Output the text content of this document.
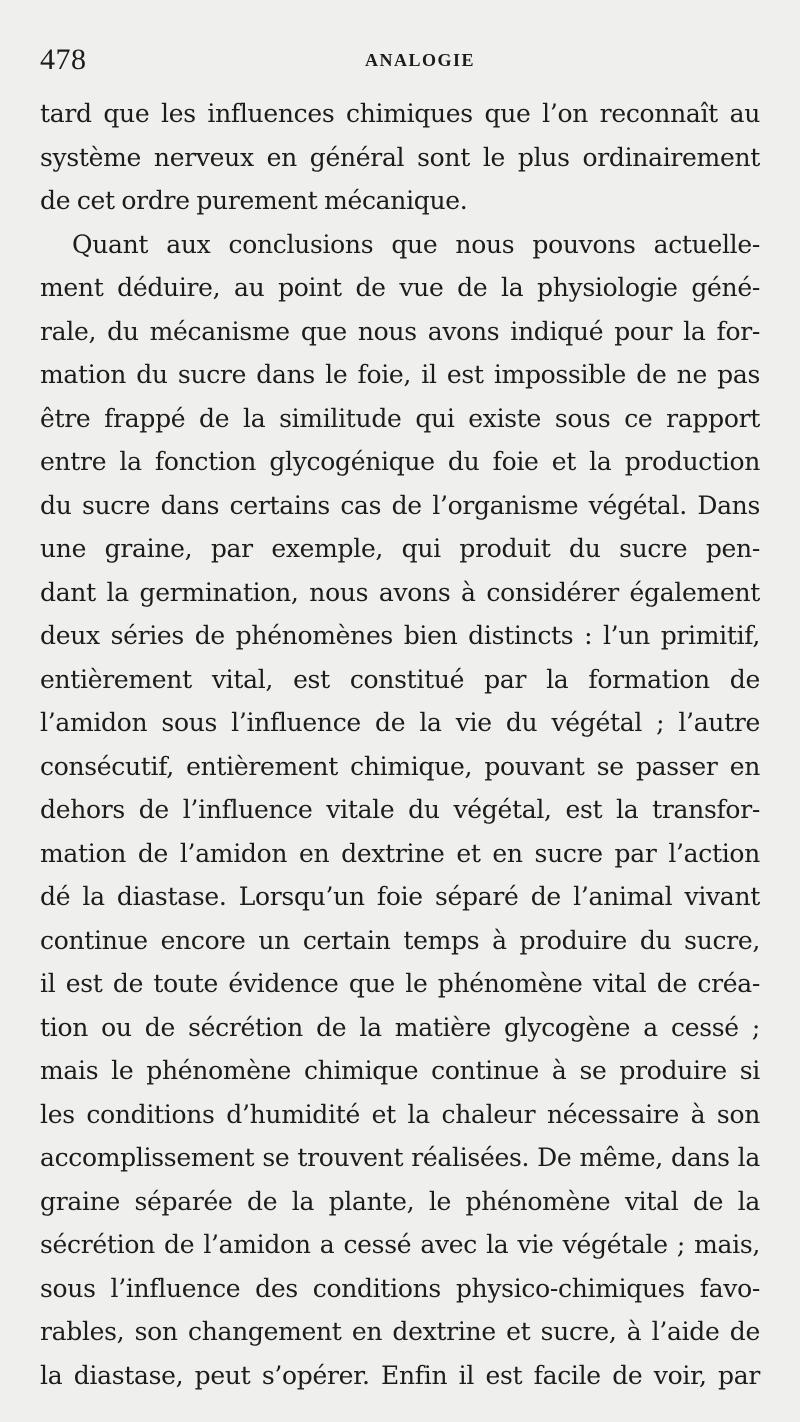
478	ANALOGIE
tard que les influences chimiques que l’on reconnaît au
système nerveux en général sont le plus ordinairement
de cet ordre purement mécanique.
Quant aux conclusions que nous pouvons actuelle-
ment déduire, au point de vue de la physiologie géné-
rale, du mécanisme que nous avons indiqué pour la for-
mation du sucre dans le foie, il est impossible de ne pas
être frappé de la similitude qui existe sous ce rapport
entre la fonction glycogénique du foie et la production
du sucre dans certains cas de l’organisme végétal. Dans
une graine, par exemple, qui produit du sucre pen-
dant la germination, nous avons à considérer également
deux séries de phénomènes bien distincts : l’un primitif,
entièrement vital, est constitué par la formation de
l’amidon sous l’influence de la vie du végétal ; l’autre
consécutif, entièrement chimique, pouvant se passer en
dehors de l’influence vitale du végétal, est la transfor-
mation de l’amidon en dextrine et en sucre par l’action
dé la diastase. Lorsqu’un foie séparé de l’animal vivant
continue encore un certain temps à produire du sucre,
il est de toute évidence que le phénomène vital de créa-
tion ou de sécrétion de la matière glycogène a cessé ;
mais le phénomène chimique continue à se produire si
les conditions d’humidité et la chaleur nécessaire à son
accomplissement se trouvent réalisées. De même, dans la
graine séparée de la plante, le phénomène vital de la
sécrétion de l’amidon a cessé avec la vie végétale ; mais,
sous l’influence des conditions physico-chimiques favo-
rables, son changement en dextrine et sucre, à l’aide de
la diastase, peut s’opérer. Enfin il est facile de voir, par
